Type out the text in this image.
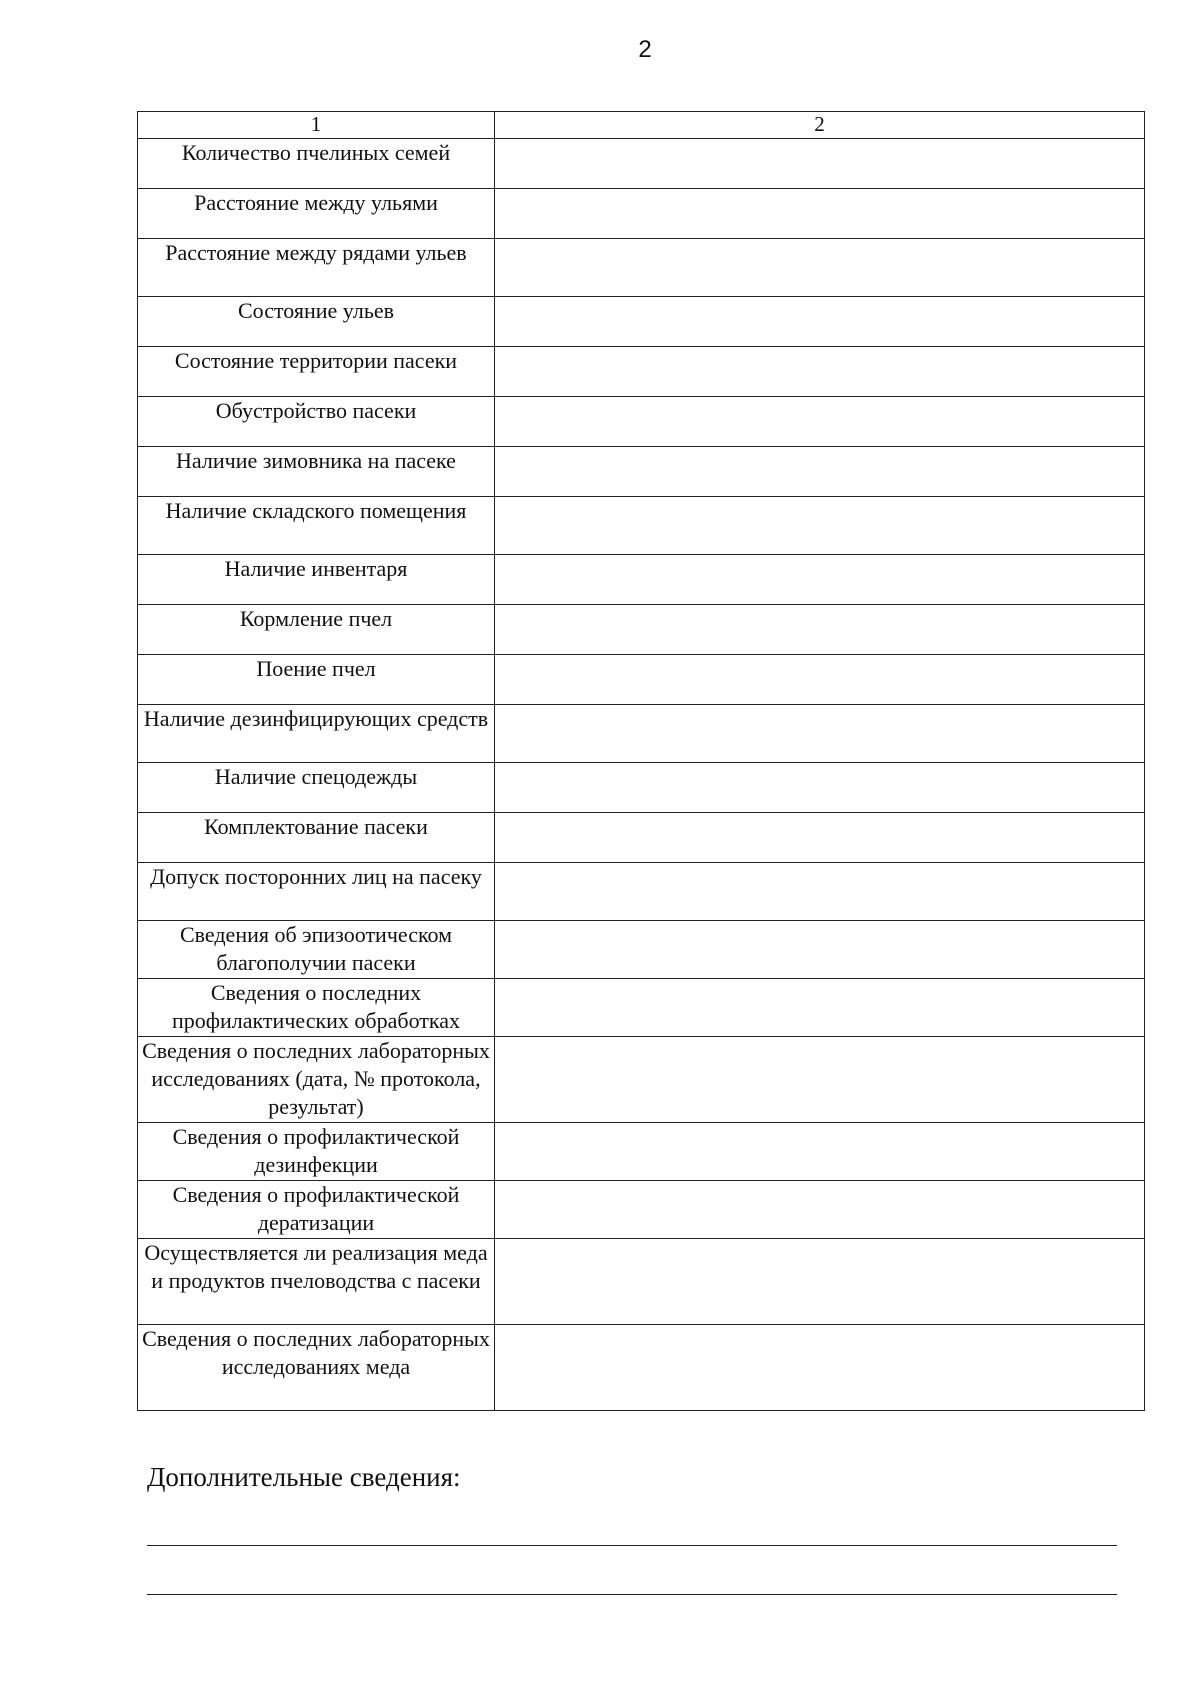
2
1	2
Количество пчелиных семей	
Расстояние между ульями	
Расстояние между рядами ульев	
Состояние ульев	
Состояние территории пасеки	
Обустройство пасеки	
Наличие зимовника на пасеке	
Наличие складского помещения	
Наличие инвентаря	
Кормление пчел	
Поение пчел	
Наличие дезинфицирующих средств	
Наличие спецодежды	
Комплектование пасеки	
Допуск посторонних лиц на пасеку	
Сведения об эпизоотическом благополучии пасеки	
Сведения о последних профилактических обработках	
Сведения о последних лабораторных исследованиях (дата, № протокола, результат)	
Сведения о профилактической дезинфекции	
Сведения о профилактической дератизации	
Осуществляется ли реализация меда и продуктов пчеловодства с пасеки	
Сведения о последних лабораторных исследованиях меда	
Дополнительные сведения:
